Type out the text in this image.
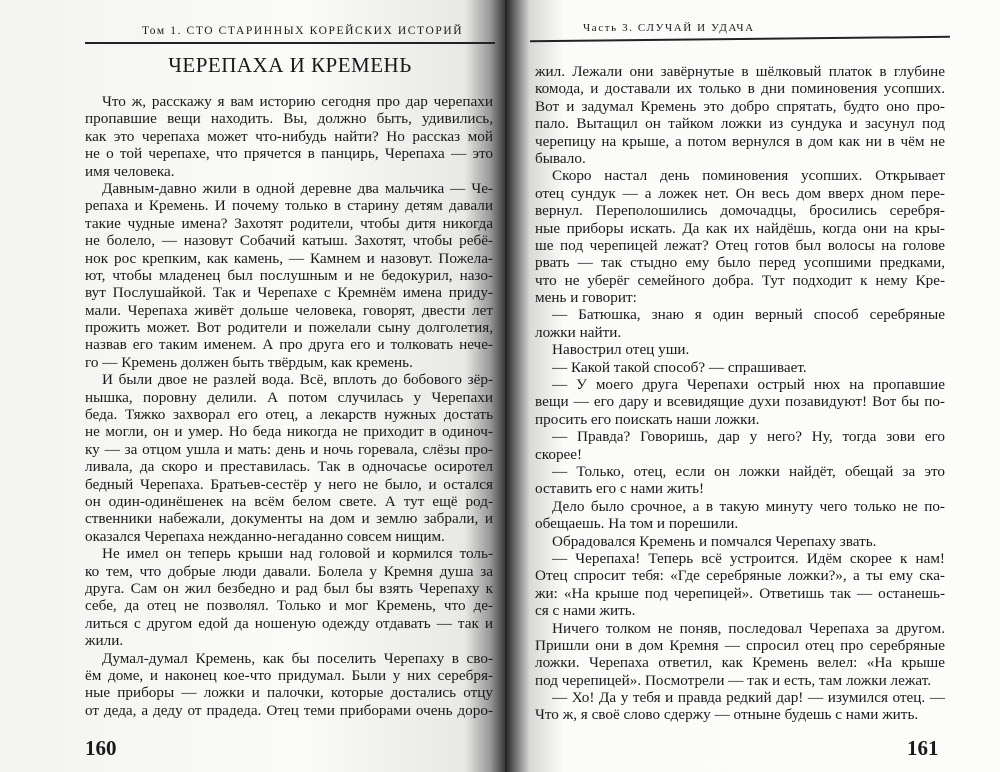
Том 1. СТО СТАРИННЫХ КОРЕЙСКИХ ИСТОРИЙ
ЧЕРЕПАХА И КРЕМЕНЬ
Что ж, расскажу я вам историю сегодня про дар черепахи
пропавшие вещи находить. Вы, должно быть, удивились,
как это черепаха может что-нибудь найти? Но рассказ мой
не о той черепахе, что прячется в панцирь, Черепаха — это
имя человека.
Давным-давно жили в одной деревне два мальчика — Че-
репаха и Кремень. И почему только в старину детям давали
такие чудные имена? Захотят родители, чтобы дитя никогда
не болело, — назовут Собачий катыш. Захотят, чтобы ребё-
нок рос крепким, как камень, — Камнем и назовут. Пожела-
ют, чтобы младенец был послушным и не бедокурил, назо-
вут Послушайкой. Так и Черепахе с Кремнём имена приду-
мали. Черепаха живёт дольше человека, говорят, двести лет
прожить может. Вот родители и пожелали сыну долголетия,
назвав его таким именем. А про друга его и толковать нече-
го — Кремень должен быть твёрдым, как кремень.
И были двое не разлей вода. Всё, вплоть до бобового зёр-
нышка, поровну делили. А потом случилась у Черепахи
беда. Тяжко захворал его отец, а лекарств нужных достать
не могли, он и умер. Но беда никогда не приходит в одиноч-
ку — за отцом ушла и мать: день и ночь горевала, слёзы про-
ливала, да скоро и преставилась. Так в одночасье осиротел
бедный Черепаха. Братьев-сестёр у него не было, и остался
он один-одинёшенек на всём белом свете. А тут ещё род-
ственники набежали, документы на дом и землю забрали, и
оказался Черепаха нежданно-негаданно совсем нищим.
Не имел он теперь крыши над головой и кормился толь-
ко тем, что добрые люди давали. Болела у Кремня душа за
друга. Сам он жил безбедно и рад был бы взять Черепаху к
себе, да отец не позволял. Только и мог Кремень, что де-
литься с другом едой да ношеную одежду отдавать — так и
жили.
Думал-думал Кремень, как бы поселить Черепаху в сво-
ём доме, и наконец кое-что придумал. Были у них серебря-
ные приборы — ложки и палочки, которые достались отцу
от деда, а деду от прадеда. Отец теми приборами очень доро-
160
Часть 3. СЛУЧАЙ И УДАЧА
жил. Лежали они завёрнутые в шёлковый платок в глубине
комода, и доставали их только в дни поминовения усопших.
Вот и задумал Кремень это добро спрятать, будто оно про-
пало. Вытащил он тайком ложки из сундука и засунул под
черепицу на крыше, а потом вернулся в дом как ни в чём не
бывало.
Скоро настал день поминовения усопших. Открывает
отец сундук — а ложек нет. Он весь дом вверх дном пере-
вернул. Переполошились домочадцы, бросились серебря-
ные приборы искать. Да как их найдёшь, когда они на кры-
ше под черепицей лежат? Отец готов был волосы на голове
рвать — так стыдно ему было перед усопшими предками,
что не уберёг семейного добра. Тут подходит к нему Кре-
мень и говорит:
— Батюшка, знаю я один верный способ серебряные
ложки найти.
Навострил отец уши.
— Какой такой способ? — спрашивает.
— У моего друга Черепахи острый нюх на пропавшие
вещи — его дару и всевидящие духи позавидуют! Вот бы по-
просить его поискать наши ложки.
— Правда? Говоришь, дар у него? Ну, тогда зови его
скорее!
— Только, отец, если он ложки найдёт, обещай за это
оставить его с нами жить!
Дело было срочное, а в такую минуту чего только не по-
обещаешь. На том и порешили.
Обрадовался Кремень и помчался Черепаху звать.
— Черепаха! Теперь всё устроится. Идём скорее к нам!
Отец спросит тебя: «Где серебряные ложки?», а ты ему ска-
жи: «На крыше под черепицей». Ответишь так — останешь-
ся с нами жить.
Ничего толком не поняв, последовал Черепаха за другом.
Пришли они в дом Кремня — спросил отец про серебряные
ложки. Черепаха ответил, как Кремень велел: «На крыше
под черепицей». Посмотрели — так и есть, там ложки лежат.
— Хо! Да у тебя и правда редкий дар! — изумился отец. —
Что ж, я своё слово сдержу — отныне будешь с нами жить.
161
